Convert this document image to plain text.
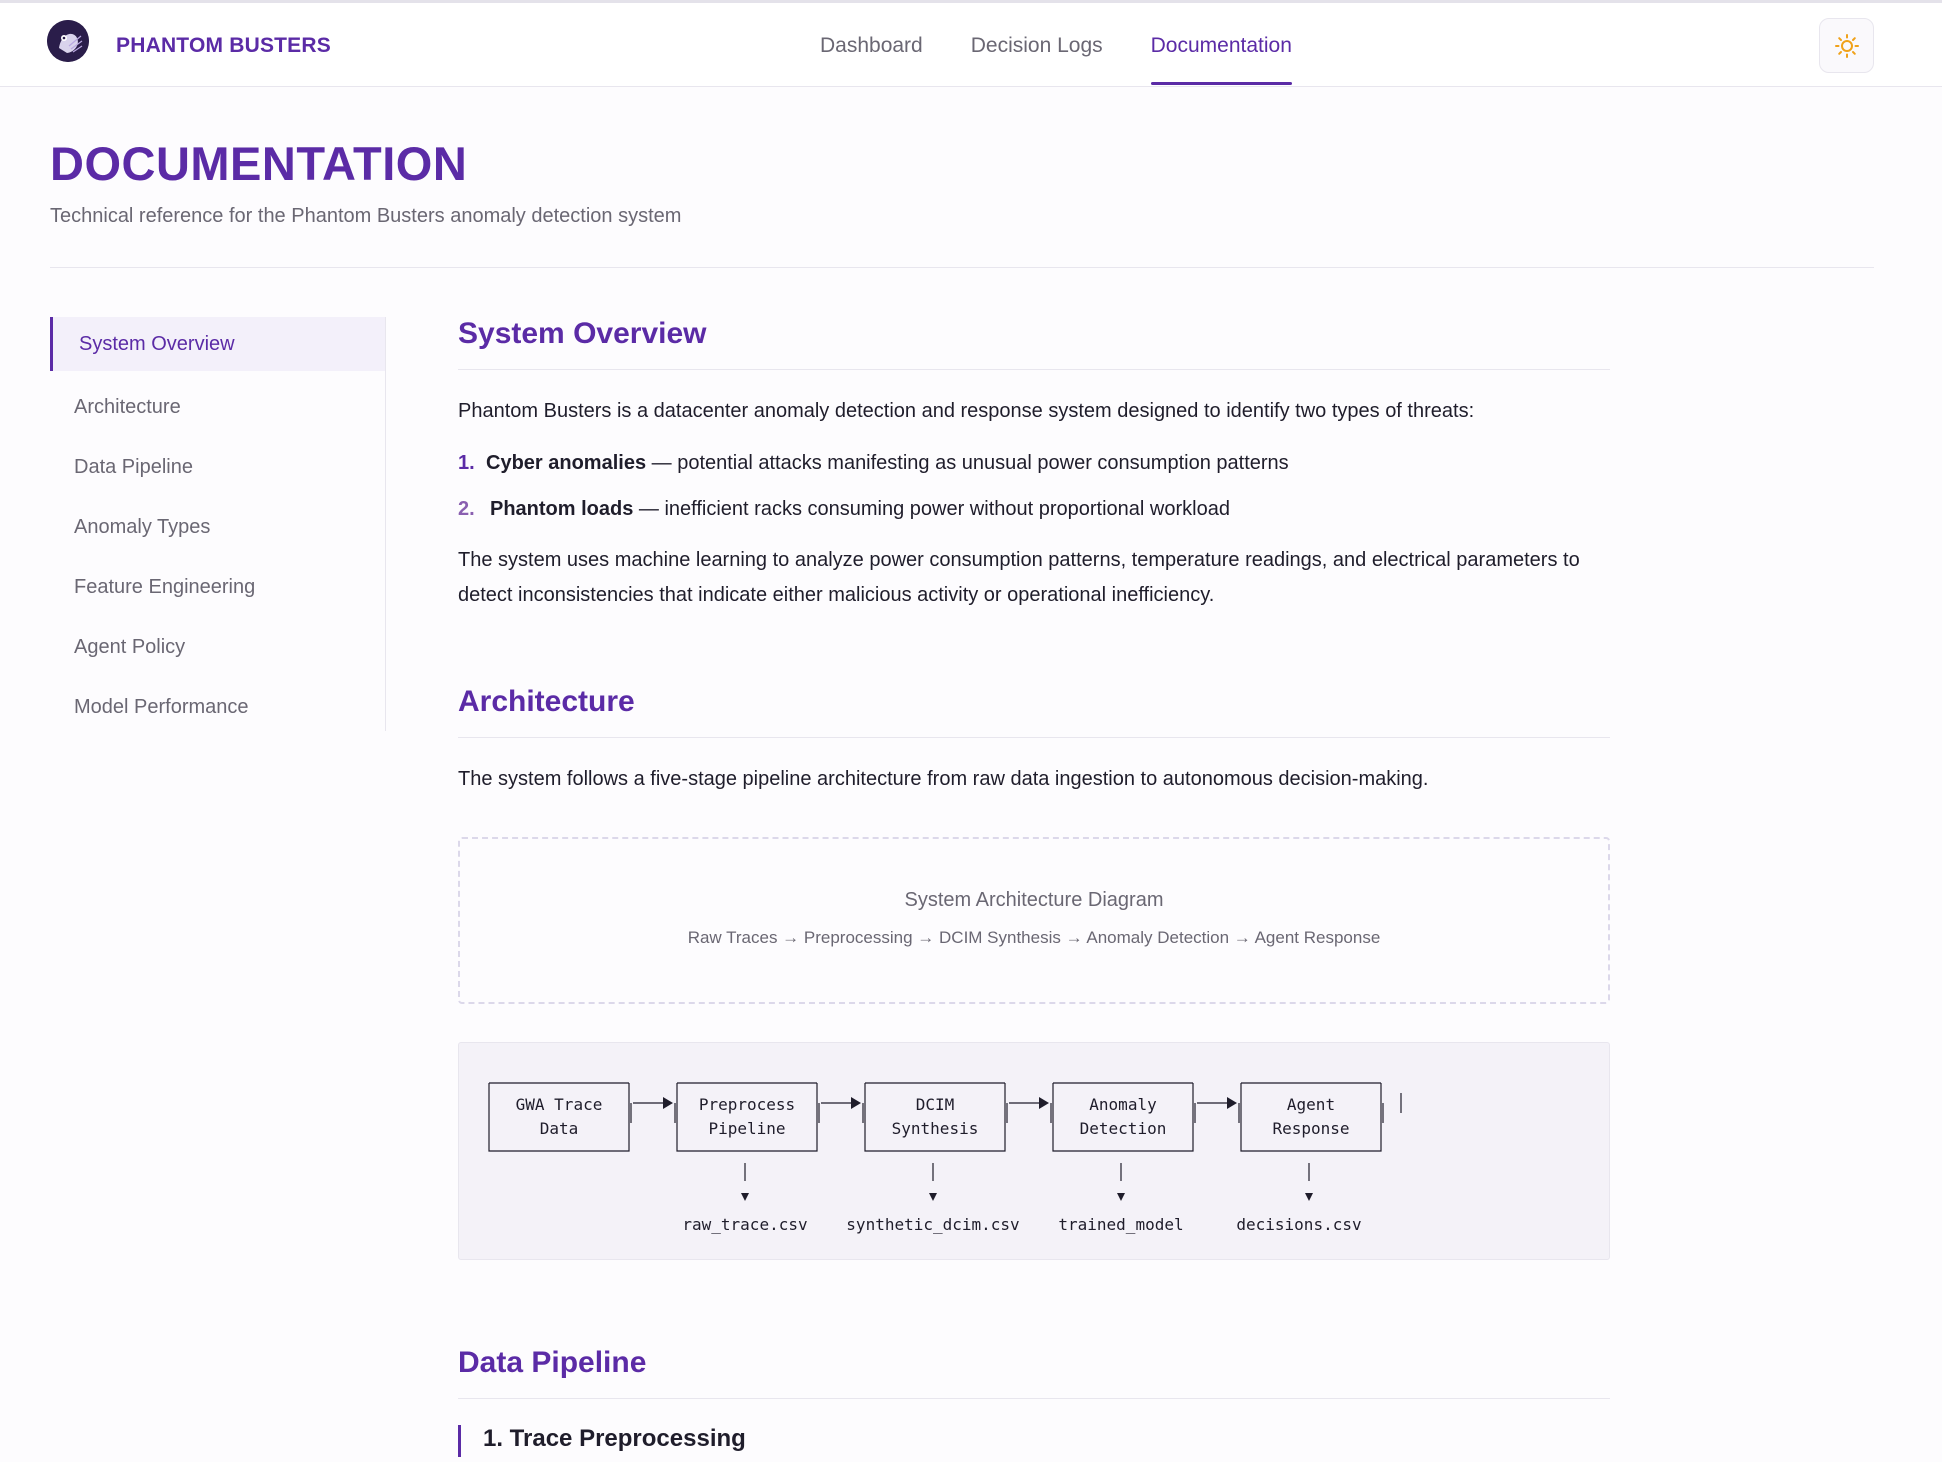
PHANTOM BUSTERS	Dashboard Decision Logs Documentation
DOCUMENTATION
Technical reference for the Phantom Busters anomaly detection system
System Overview
Architecture
Data Pipeline
Anomaly Types
Feature Engineering
Agent Policy
Model Performance
System Overview

Phantom Busters is a datacenter anomaly detection and response system designed to identify two types of threats:

1. Cyber anomalies — potential attacks manifesting as unusual power consumption patterns
2. Phantom loads — inefficient racks consuming power without proportional workload

The system uses machine learning to analyze power consumption patterns, temperature readings, and electrical parameters to detect inconsistencies that indicate either malicious activity or operational inefficiency.

Architecture

The system follows a five-stage pipeline architecture from raw data ingestion to autonomous decision-making.

System Architecture Diagram
Raw Traces → Preprocessing → DCIM Synthesis → Anomaly Detection → Agent Response
GWA Trace
Data
Preprocess
Pipeline
DCIM
Synthesis
Anomaly
Detection
Agent
Response
raw_trace.csv	synthetic_dcim.csv	trained_model	decisions.csv
Data Pipeline
1. Trace Preprocessing
